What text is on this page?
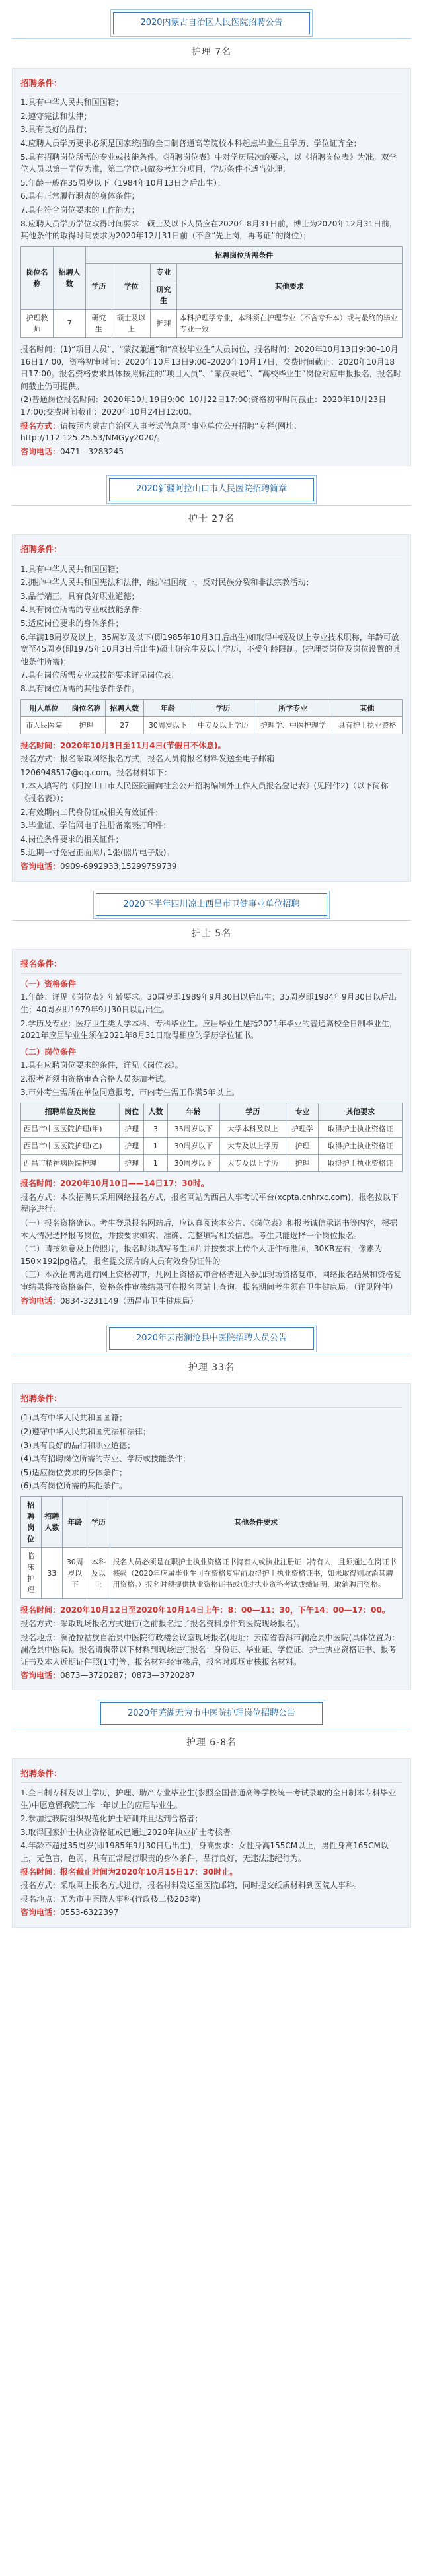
2020内蒙古自治区人民医院招聘公告
护理 7名
招聘条件：
1.具有中华人民共和国国籍；
2.遵守宪法和法律；
3.具有良好的品行；
4.应聘人员学历要求必须是国家统招的全日制普通高等院校本科起点毕业生且学历、学位证齐全；
5.具有招聘岗位所需的专业或技能条件。《招聘岗位表》中对学历层次的要求，以《招聘岗位表》为准。双学位人员以第一学位为准，第二学位只做参考加分项目，学历条件不适当处理；
5.年龄一般在35周岁以下（1984年10月13日之后出生）；
6.具有正常履行职责的身体条件；
7.具有符合岗位要求的工作能力；
8.应聘人员学历学位取得时间要求：硕士及以下人员应在2020年8月31日前，博士为2020年12月31日前，其他条件的取得时间要求为2020年12月31日前（不含“先上岗，再考证”的岗位）；
岗位名称	招聘人数	招聘岗位所需条件			
		学历	学位	专业	其他要求
				研究生	
护理教师	7	研究生	硕士及以上	护理	本科护理学专业，本科须在护理专业（不含专升本）或与最终的毕业专业一致
报名时间：(1)“项目人员”、“蒙汉兼通”和“高校毕业生”人员岗位，报名时间：2020年10月13日9:00–10月16日17:00，资格初审时间：2020年10月13日9:00–2020年10月17日，交费时间截止：2020年10月18日17:00。报名资格要求具体按照标注的“项目人员”、“蒙汉兼通”、“高校毕业生”岗位对应申报报名，报名时间截止仍可提供。
(2)普通岗位报名时间：2020年10月19日9:00–10月22日17:00;资格初审时间截止：2020年10月23日17:00;交费时间截止：2020年10月24日12:00。
报名方式：请按照内蒙古自治区人事考试信息网“事业单位公开招聘”专栏(网址：http://112.125.25.53/NMGyy2020/。
咨询电话：0471—3283245
2020新疆阿拉山口市人民医院招聘简章
护士 27名
招聘条件：
1.具有中华人民共和国国籍；
2.拥护中华人民共和国宪法和法律，维护祖国统一，反对民族分裂和非法宗教活动；
3.品行端正，具有良好职业道德；
4.具有岗位所需的专业或技能条件；
5.适应岗位要求的身体条件；
6.年满18周岁及以上，35周岁及以下(即1985年10月3日后出生)如取得中级及以上专业技术职称，年龄可放宽至45周岁(即1975年10月3日后出生)硕士研究生及以上学历，不受年龄限制。(护理类岗位及岗位设置的其他条件所需)；
7.具有岗位所需专业或技能要求详见岗位表；
8.具有岗位所需的其他条件条件。
用人单位	岗位名称	招聘人数	年龄	学历	所学专业	其他
市人民医院	护理	27	30周岁以下	中专及以上学历	护理学、中医护理学	具有护士执业资格
报名时间：2020年10月3日至11月4日(节假日不休息)。
报名方式：报名采取网络报名方式，报名人员将报名材料发送至电子邮箱
1206948517@qq.com。报名材料如下：
1.本人填写的《阿拉山口市人民医院面向社会公开招聘编制外工作人员报名登记表》(见附件2)（以下简称《报名表》）；
2.有效期内二代身份证或相关有效证件；
3.毕业证、学信网电子注册备案表打印件；
4.岗位条件要求的相关证件；
5.近期一寸免冠正面照片1张(照片电子版)。
咨询电话：0909-6992933;15299759739
2020下半年四川凉山西昌市卫健事业单位招聘
护士 5名
报名条件：
（一）资格条件
1.年龄：详见《岗位表》年龄要求。30周岁即1989年9月30日以后出生；35周岁即1984年9月30日以后出生；40周岁即1979年9月30日以后出生。
2.学历及专业：医疗卫生类大学本科、专科毕业生。应届毕业生是指2021年毕业的普通高校全日制毕业生，2021年应届毕业生须在2021年8月31日取得相应的学历学位证书。
（二）岗位条件
1.具有应聘岗位要求的条件，详见《岗位表》。
2.报考者须由资格审查合格人员参加考试。
3.市外考生需所在单位同意报考，市内考生需工作满5年以上。
招聘单位及岗位	岗位	人数	年龄	学历	专业	其他要求
西昌市中医医院护理(甲)	护理	3	35周岁以下	大学本科及以上	护理学	取得护士执业资格证
西昌市中医医院护理(乙)	护理	1	30周岁以下	大专及以上学历	护理	取得护士执业资格证
西昌市精神病医院护理	护理	1	30周岁以下	大专及以上学历	护理	取得护士执业资格证
报名时间：2020年10月10日——14日17：30时。
报名方式：本次招聘只采用网络报名方式，报名网站为西昌人事考试平台(xcpta.cnhrxc.com)，报名按以下程序进行：
（一）报名资格确认。考生登录报名网站后，应认真阅读本公告、《岗位表》和报考诚信承诺书等内容，根据本人情况选择报考岗位，并按要求如实、准确、完整填写相关信息。考生只能选择一个岗位报名。
（二）请按须意及上传照片，报名时须填写考生照片并按要求上传个人证件标准照，30KB左右，像素为150×192jpg格式，报名提交照片的人员有效身份证件的
（三）本次招聘需进行网上资格初审，凡网上资格初审合格者进入参加现场资格复审，网络报名结果和资格复审结果将按资格条件，资格条件审核结果可在报名网站上查询。报名期间考生须在卫生健康局。（详见附件）
咨询电话：0834-3231149（西昌市卫生健康局）
2020年云南澜沧县中医院招聘人员公告
护理 33名
招聘条件：
(1)具有中华人民共和国国籍；
(2)遵守中华人民共和国宪法和法律；
(3)具有良好的品行和职业道德；
(4)具有招聘岗位所需的专业、学历或技能条件；
(5)适应岗位要求的身体条件；
(6)具有岗位所需的其他条件。
招聘岗位	招聘人数	年龄	学历	其他条件要求
临床护理	33	30周岁以下	本科及以上	报名人员必须是在职护士执业资格证书持有人或执业注册证书持有人，且须通过在岗证书核验（2020年应届毕业生可在资格复审前取得护士执业资格证书，如未取得则取消其聘用资格。）报名时须提供执业资格证书或通过执业资格考试成绩证明，取消聘用资格。
报名时间：2020年10月12日至2020年10月14日上午：8：00—11：30，下午14：00—17：00。
报名方式：采取现场报名方式进行(之前报名过了报名资料原件到医院现场报名)。
报名地点：澜沧拉祜族自治县中医院行政楼会议室现场报名(地址：云南省普洱市澜沧县中医院(具体位置为：澜沧县中医院)。报名请携带以下材料到现场进行报名：身份证、毕业证、学位证、护士执业资格证书、报考证书及本人近期证件照(1寸)等，报名材料经审核后，报名时现场审核报名材料。
咨询电话：0873—3720287；0873—3720287
2020年芜湖无为市中医院护理岗位招聘公告
护理 6-8名
招聘条件：
1.全日制专科及以上学历，护理、助产专业毕业生(参照全国普通高等学校统一考试录取的全日制本专科毕业生)中愿意留我院工作一年以上的应届毕业生。
2.参加过我院组织规范化护士培训并且达到合格者；
3.取得国家护士执业资格证或已通过2020年执业护士考核者
4.年龄不超过35周岁(即1985年9月30日后出生)，身高要求：女性身高155CM以上，男性身高165CM以上，无色盲，色弱，具有正常履行职责的身体条件，品行良好，无违法违纪行为。
报名时间：报名截止时间为2020年10月15日17：30时止。
报名方式：采取网上报名方式进行，报名材料发送至医院邮箱，同时提交纸质材料到医院人事科。
报名地点：无为市中医院人事科(行政楼二楼203室)
咨询电话：0553-6322397
